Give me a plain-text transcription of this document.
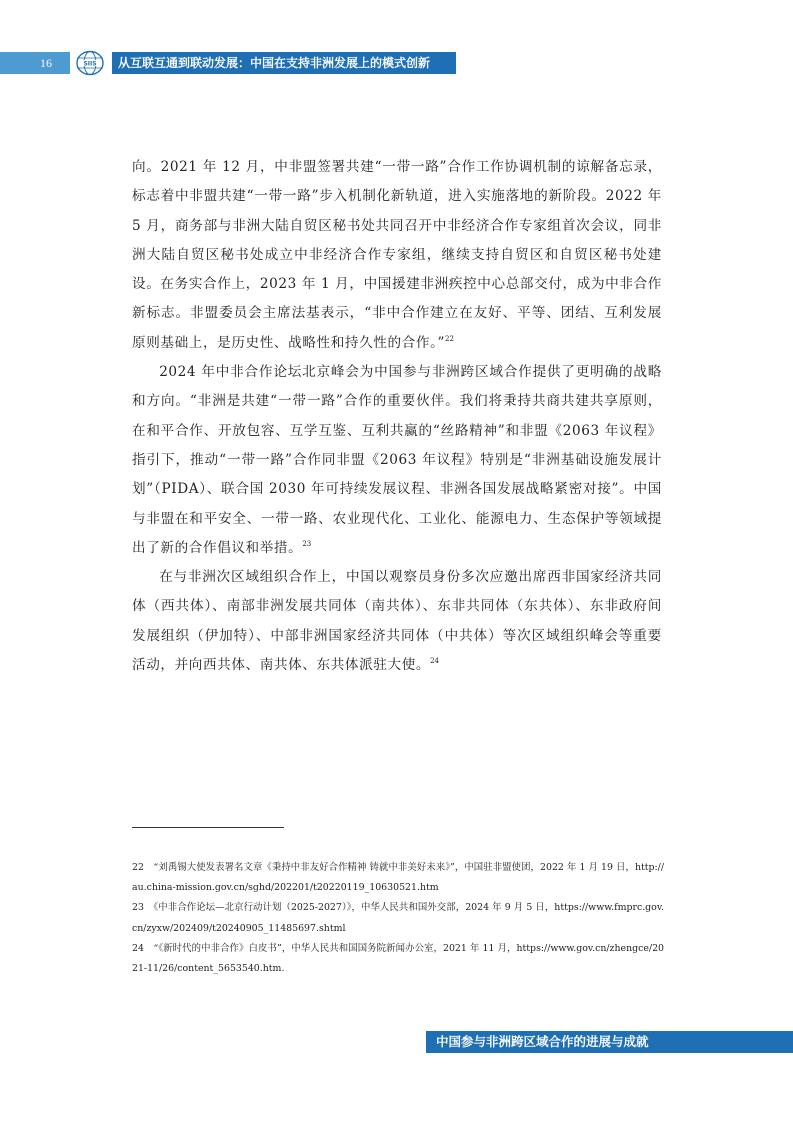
16	SIIS	从互联互通到联动发展：中国在支持非洲发展上的模式创新

向。2021 年 12 月，中非盟签署共建“一带一路”合作工作协调机制的谅解备忘录，标志着中非盟共建“一带一路”步入机制化新轨道，进入实施落地的新阶段。2022 年 5 月，商务部与非洲大陆自贸区秘书处共同召开中非经济合作专家组首次会议，同非洲大陆自贸区秘书处成立中非经济合作专家组，继续支持自贸区和自贸区秘书处建设。在务实合作上，2023 年 1 月，中国援建非洲疾控中心总部交付，成为中非合作新标志。非盟委员会主席法基表示，“非中合作建立在友好、平等、团结、互利发展原则基础上，是历史性、战略性和持久性的合作。”$^{22}$

2024 年中非合作论坛北京峰会为中国参与非洲跨区域合作提供了更明确的战略和方向。“非洲是共建“一带一路”合作的重要伙伴。我们将秉持共商共建共享原则，在和平合作、开放包容、互学互鉴、互利共赢的“丝路精神”和非盟《2063 年议程》指引下，推动“一带一路”合作同非盟《2063 年议程》特别是“非洲基础设施发展计划”（PIDA）、联合国 2030 年可持续发展议程、非洲各国发展战略紧密对接”。中国与非盟在和平安全、一带一路、农业现代化、工业化、能源电力、生态保护等领域提出了新的合作倡议和举措。$^{23}$

在与非洲次区域组织合作上，中国以观察员身份多次应邀出席西非国家经济共同体（西共体）、南部非洲发展共同体（南共体）、东非共同体（东共体）、东非政府间发展组织（伊加特）、中部非洲国家经济共同体（中共体）等次区域组织峰会等重要活动，并向西共体、南共体、东共体派驻大使。$^{24}$

22　“刘禹锡大使发表署名文章《秉持中非友好合作精神 铸就中非美好未来》”，中国驻非盟使团，2022 年 1 月 19 日，http://au.china-mission.gov.cn/sghd/202201/t20220119_10630521.htm

23　《中非合作论坛—北京行动计划（2025-2027）》，中华人民共和国外交部，2024 年 9 月 5 日，https://www.fmprc.gov.cn/zyxw/202409/t20240905_11485697.shtml

24　“《新时代的中非合作》白皮书”，中华人民共和国国务院新闻办公室，2021 年 11 月，https://www.gov.cn/zhengce/2021-11/26/content_5653540.htm.

中国参与非洲跨区域合作的进展与成就
